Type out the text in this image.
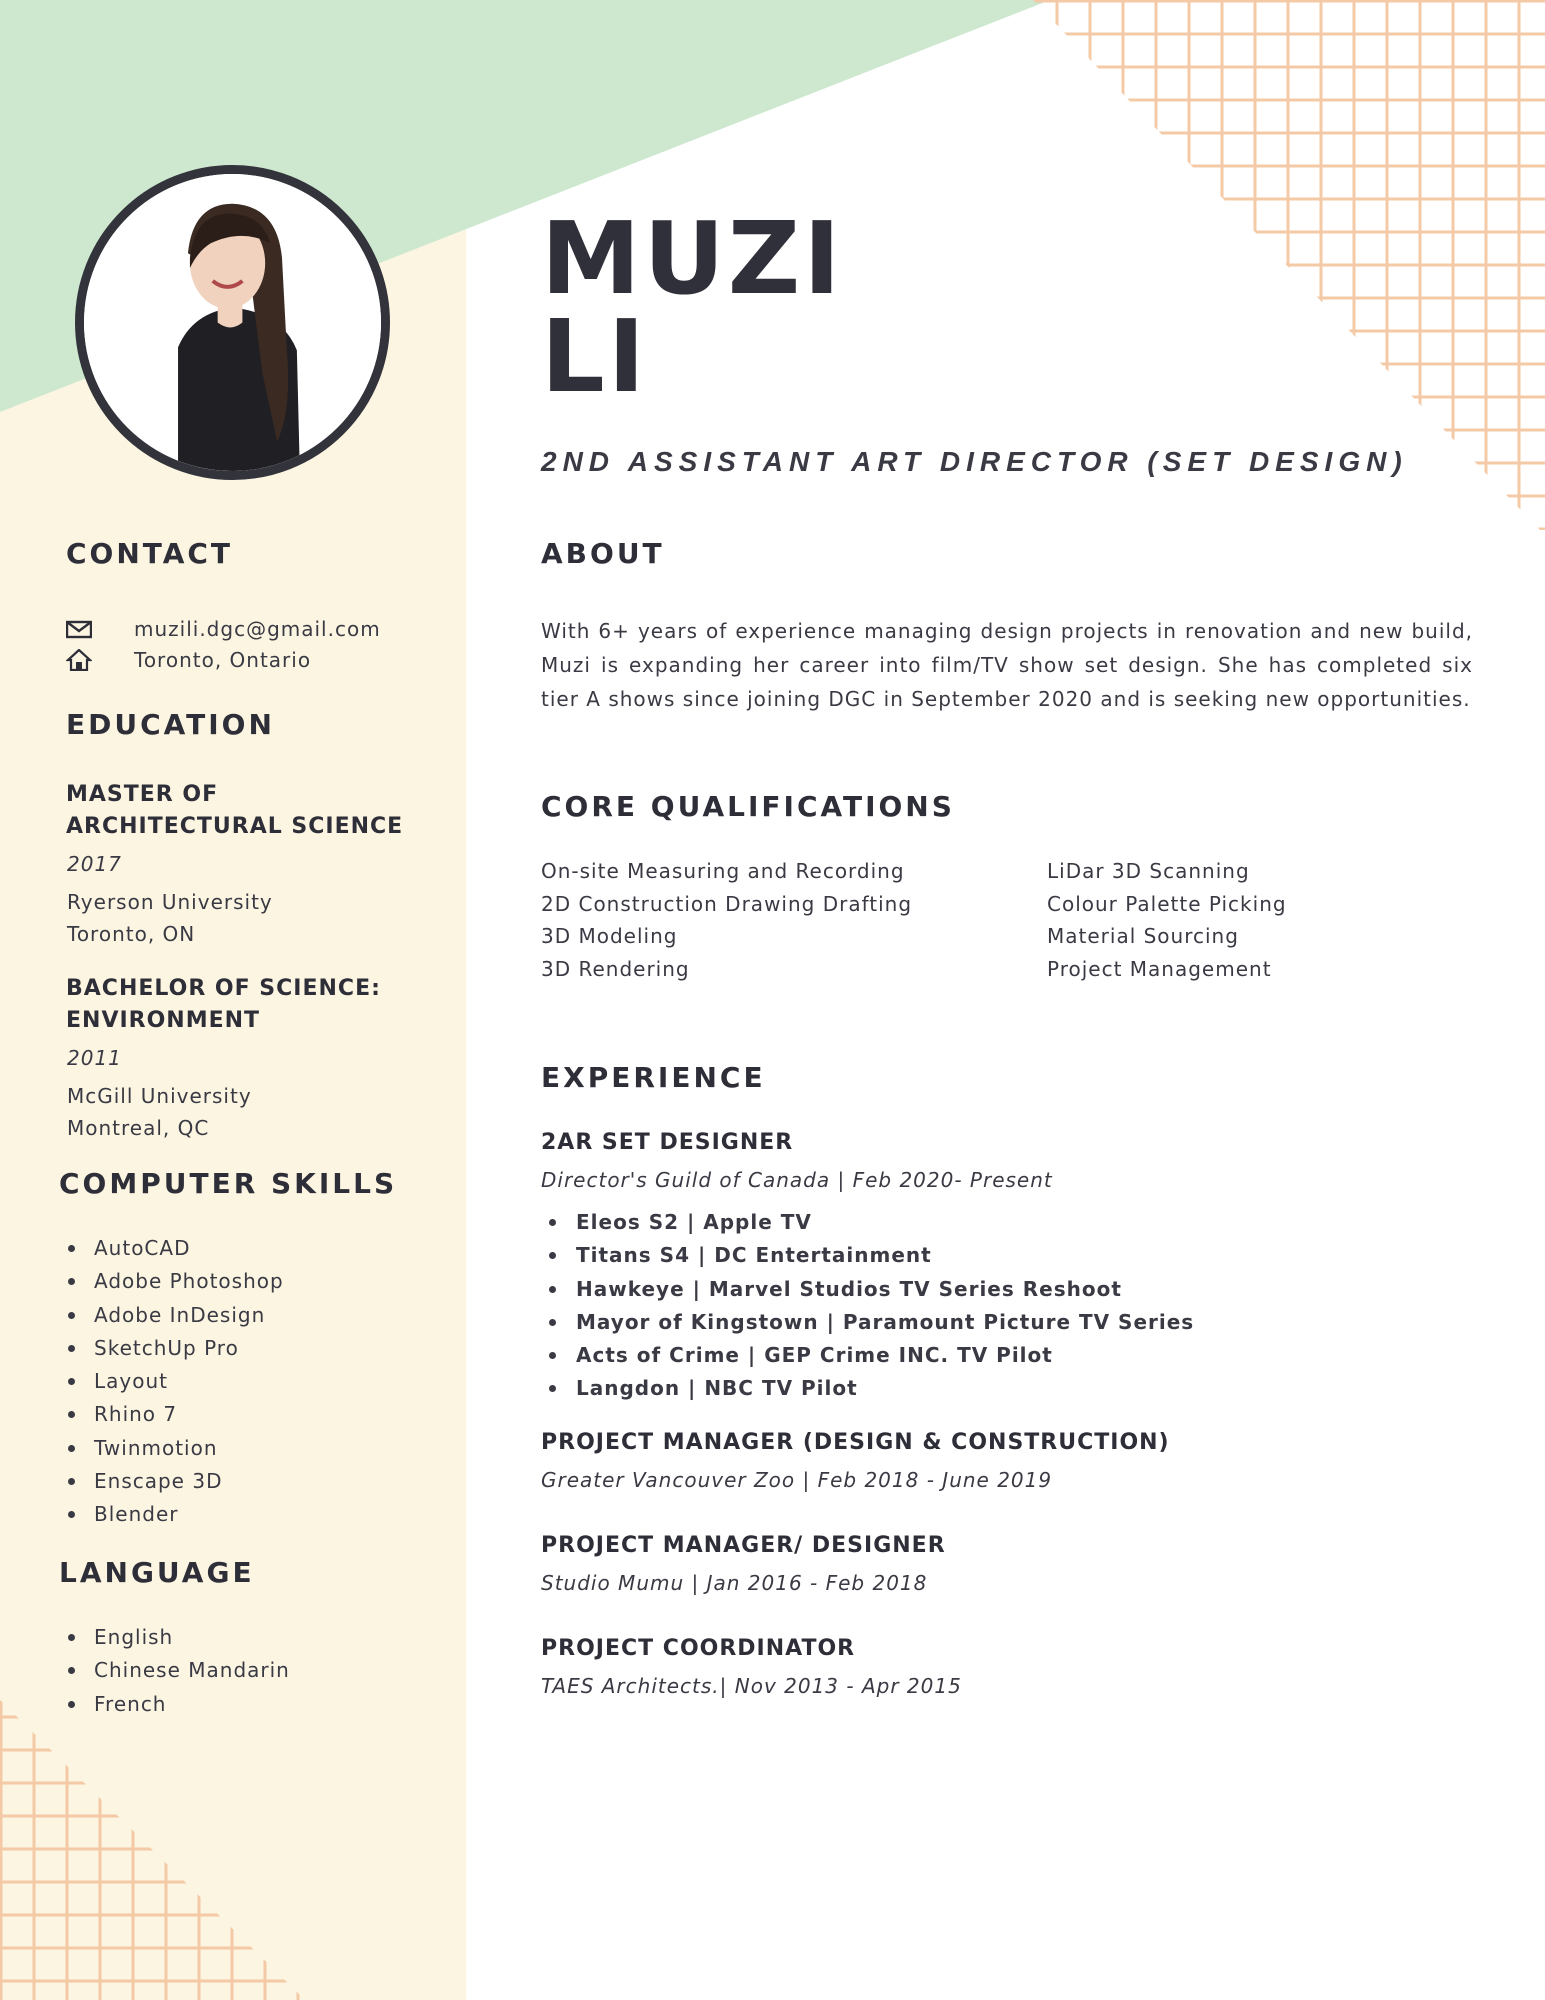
MUZI
LI
2ND ASSISTANT ART DIRECTOR (SET DESIGN)
CONTACT
muzili.dgc@gmail.com
Toronto, Ontario
EDUCATION
MASTER OF
ARCHITECTURAL SCIENCE
2017
Ryerson University
Toronto, ON
BACHELOR OF SCIENCE:
ENVIRONMENT
2011
McGill University
Montreal, QC
COMPUTER SKILLS
AutoCAD
Adobe Photoshop
Adobe InDesign
SketchUp Pro
Layout
Rhino 7
Twinmotion
Enscape 3D
Blender
LANGUAGE
English
Chinese Mandarin
French
ABOUT
With 6+ years of experience managing design projects in renovation and new build, Muzi is expanding her career into film/TV show set design. She has completed six tier A shows since joining DGC in September 2020 and is seeking new opportunities.
CORE QUALIFICATIONS
On-site Measuring and Recording
2D Construction Drawing Drafting
3D Modeling
3D Rendering
LiDar 3D Scanning
Colour Palette Picking
Material Sourcing
Project Management
EXPERIENCE
2AR SET DESIGNER
Director's Guild of Canada | Feb 2020- Present
Eleos S2 | Apple TV
Titans S4 | DC Entertainment
Hawkeye | Marvel Studios TV Series Reshoot
Mayor of Kingstown | Paramount Picture TV Series
Acts of Crime | GEP Crime INC. TV Pilot
Langdon | NBC TV Pilot
PROJECT MANAGER (DESIGN & CONSTRUCTION)
Greater Vancouver Zoo | Feb 2018 - June 2019
PROJECT MANAGER/ DESIGNER
Studio Mumu | Jan 2016 - Feb 2018
PROJECT COORDINATOR
TAES Architects.| Nov 2013 - Apr 2015
